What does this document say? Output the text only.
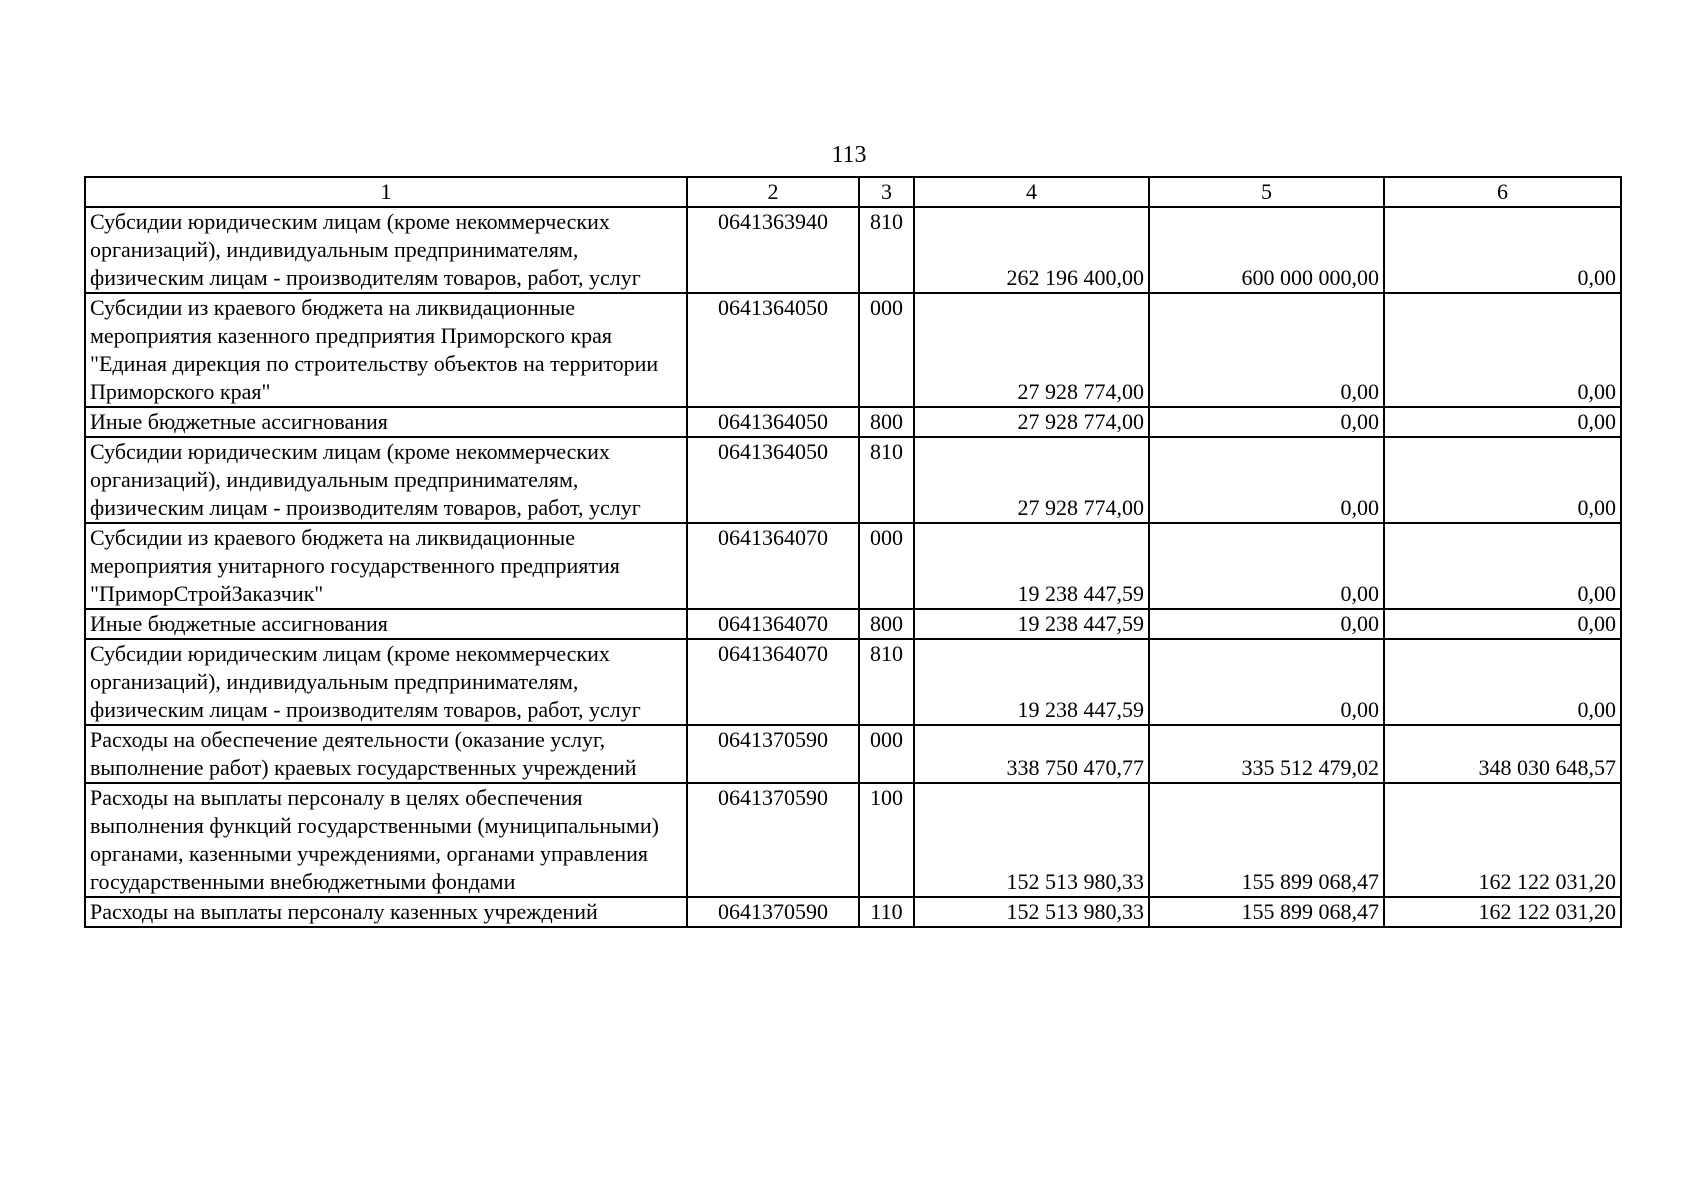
113
1	2	3	4	5	6
Субсидии юридическим лицам (кроме некоммерческих организаций), индивидуальным предпринимателям, физическим лицам - производителям товаров, работ, услуг	0641363940	810	262 196 400,00	600 000 000,00	0,00
Субсидии из краевого бюджета на ликвидационные мероприятия казенного предприятия Приморского края "Единая дирекция по строительству объектов на территории Приморского края"	0641364050	000	27 928 774,00	0,00	0,00
Иные бюджетные ассигнования	0641364050	800	27 928 774,00	0,00	0,00
Субсидии юридическим лицам (кроме некоммерческих организаций), индивидуальным предпринимателям, физическим лицам - производителям товаров, работ, услуг	0641364050	810	27 928 774,00	0,00	0,00
Субсидии из краевого бюджета на ликвидационные мероприятия унитарного государственного предприятия "ПриморСтройЗаказчик"	0641364070	000	19 238 447,59	0,00	0,00
Иные бюджетные ассигнования	0641364070	800	19 238 447,59	0,00	0,00
Субсидии юридическим лицам (кроме некоммерческих организаций), индивидуальным предпринимателям, физическим лицам - производителям товаров, работ, услуг	0641364070	810	19 238 447,59	0,00	0,00
Расходы на обеспечение деятельности (оказание услуг, выполнение работ) краевых государственных учреждений	0641370590	000	338 750 470,77	335 512 479,02	348 030 648,57
Расходы на выплаты персоналу в целях обеспечения выполнения функций государственными (муниципальными) органами, казенными учреждениями, органами управления государственными внебюджетными фондами	0641370590	100	152 513 980,33	155 899 068,47	162 122 031,20
Расходы на выплаты персоналу казенных учреждений	0641370590	110	152 513 980,33	155 899 068,47	162 122 031,20
